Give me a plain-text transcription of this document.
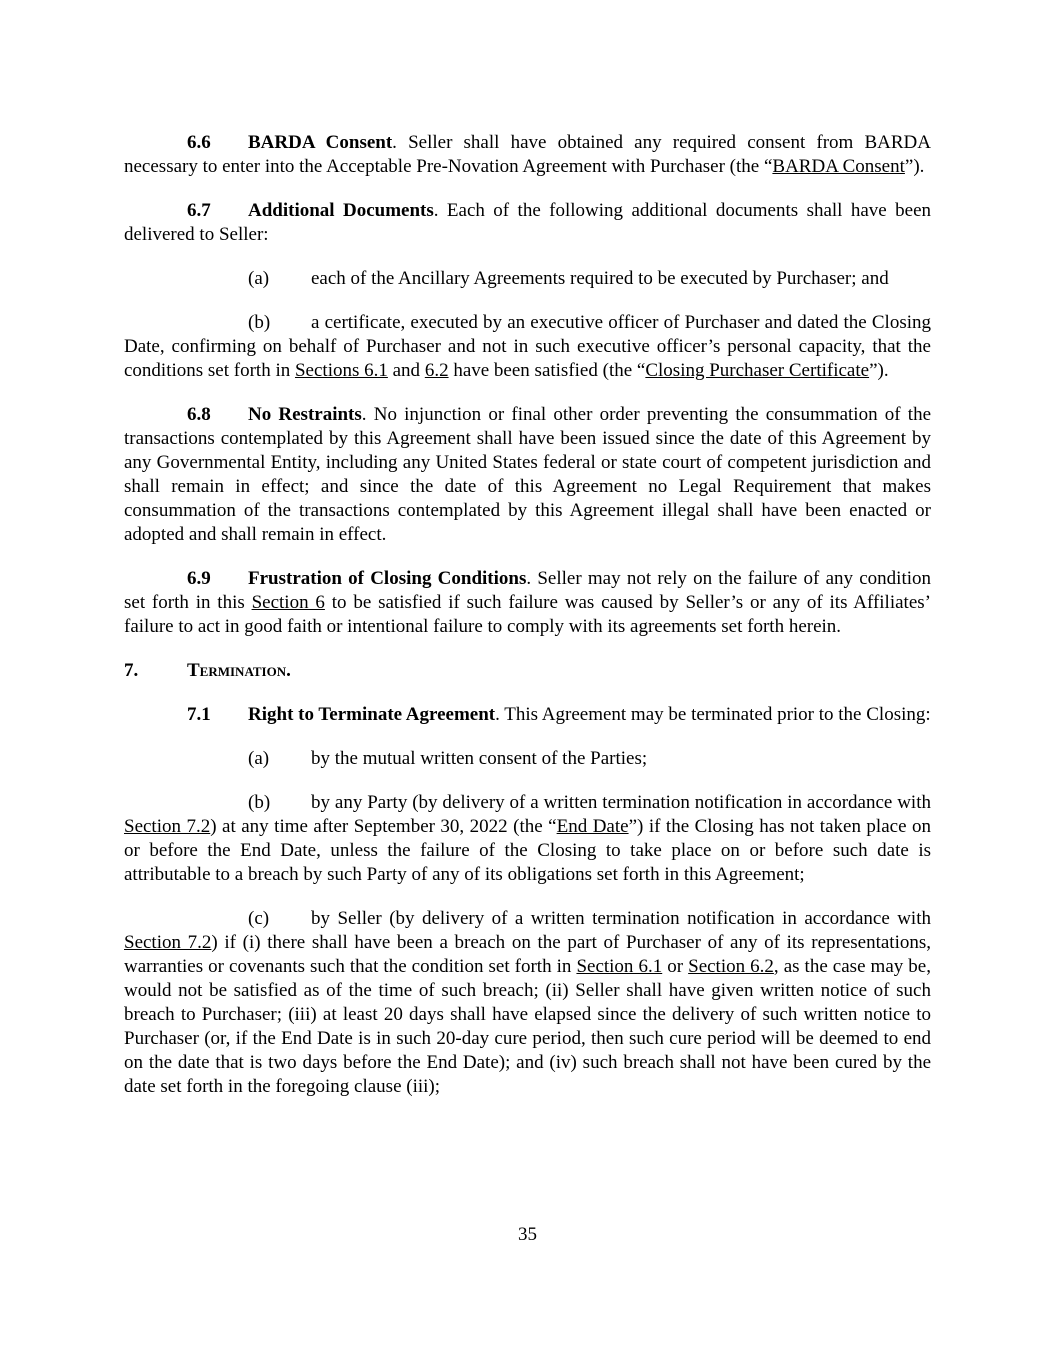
6.6 BARDA Consent. Seller shall have obtained any required consent from BARDA necessary to enter into the Acceptable Pre-Novation Agreement with Purchaser (the “BARDA Consent”).

6.7 Additional Documents. Each of the following additional documents shall have been delivered to Seller:

(a) each of the Ancillary Agreements required to be executed by Purchaser; and

(b) a certificate, executed by an executive officer of Purchaser and dated the Closing Date, confirming on behalf of Purchaser and not in such executive officer’s personal capacity, that the conditions set forth in Sections 6.1 and 6.2 have been satisfied (the “Closing Purchaser Certificate”).

6.8 No Restraints. No injunction or final other order preventing the consummation of the transactions contemplated by this Agreement shall have been issued since the date of this Agreement by any Governmental Entity, including any United States federal or state court of competent jurisdiction and shall remain in effect; and since the date of this Agreement no Legal Requirement that makes consummation of the transactions contemplated by this Agreement illegal shall have been enacted or adopted and shall remain in effect.

6.9 Frustration of Closing Conditions. Seller may not rely on the failure of any condition set forth in this Section 6 to be satisfied if such failure was caused by Seller’s or any of its Affiliates’ failure to act in good faith or intentional failure to comply with its agreements set forth herein.

7.	Termination.

7.1 Right to Terminate Agreement. This Agreement may be terminated prior to the Closing:

(a) by the mutual written consent of the Parties;

(b) by any Party (by delivery of a written termination notification in accordance with Section 7.2) at any time after September 30, 2022 (the “End Date”) if the Closing has not taken place on or before the End Date, unless the failure of the Closing to take place on or before such date is attributable to a breach by such Party of any of its obligations set forth in this Agreement;

(c) by Seller (by delivery of a written termination notification in accordance with Section 7.2) if (i) there shall have been a breach on the part of Purchaser of any of its representations, warranties or covenants such that the condition set forth in Section 6.1 or Section 6.2, as the case may be, would not be satisfied as of the time of such breach; (ii) Seller shall have given written notice of such breach to Purchaser; (iii) at least 20 days shall have elapsed since the delivery of such written notice to Purchaser (or, if the End Date is in such 20-day cure period, then such cure period will be deemed to end on the date that is two days before the End Date); and (iv) such breach shall not have been cured by the date set forth in the foregoing clause (iii);

35
